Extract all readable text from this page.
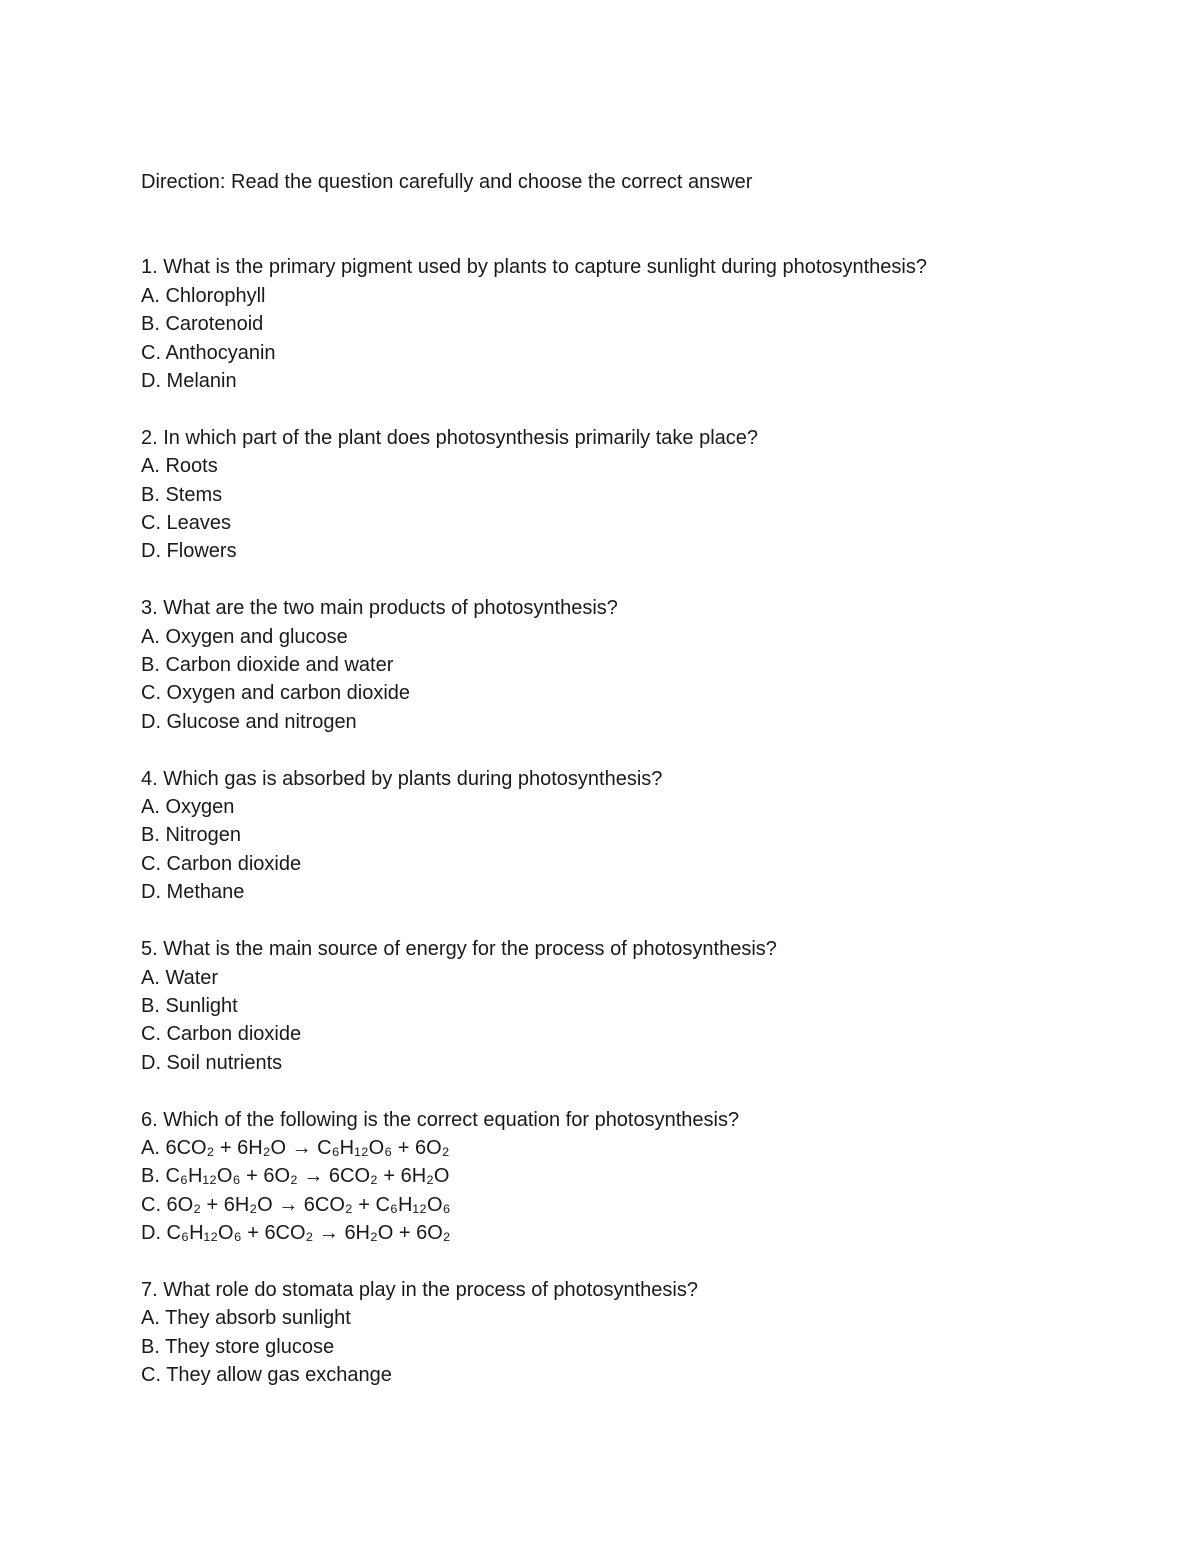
Direction: Read the question carefully and choose the correct answer
1. What is the primary pigment used by plants to capture sunlight during photosynthesis?
A. Chlorophyll
B. Carotenoid
C. Anthocyanin
D. Melanin
2. In which part of the plant does photosynthesis primarily take place?
A. Roots
B. Stems
C. Leaves
D. Flowers
3. What are the two main products of photosynthesis?
A. Oxygen and glucose
B. Carbon dioxide and water
C. Oxygen and carbon dioxide
D. Glucose and nitrogen
4. Which gas is absorbed by plants during photosynthesis?
A. Oxygen
B. Nitrogen
C. Carbon dioxide
D. Methane
5. What is the main source of energy for the process of photosynthesis?
A. Water
B. Sunlight
C. Carbon dioxide
D. Soil nutrients
6. Which of the following is the correct equation for photosynthesis?
A. 6CO₂ + 6H₂O → C₆H₁₂O₆ + 6O₂
B. C₆H₁₂O₆ + 6O₂ → 6CO₂ + 6H₂O
C. 6O₂ + 6H₂O → 6CO₂ + C₆H₁₂O₆
D. C₆H₁₂O₆ + 6CO₂ → 6H₂O + 6O₂
7. What role do stomata play in the process of photosynthesis?
A. They absorb sunlight
B. They store glucose
C. They allow gas exchange
